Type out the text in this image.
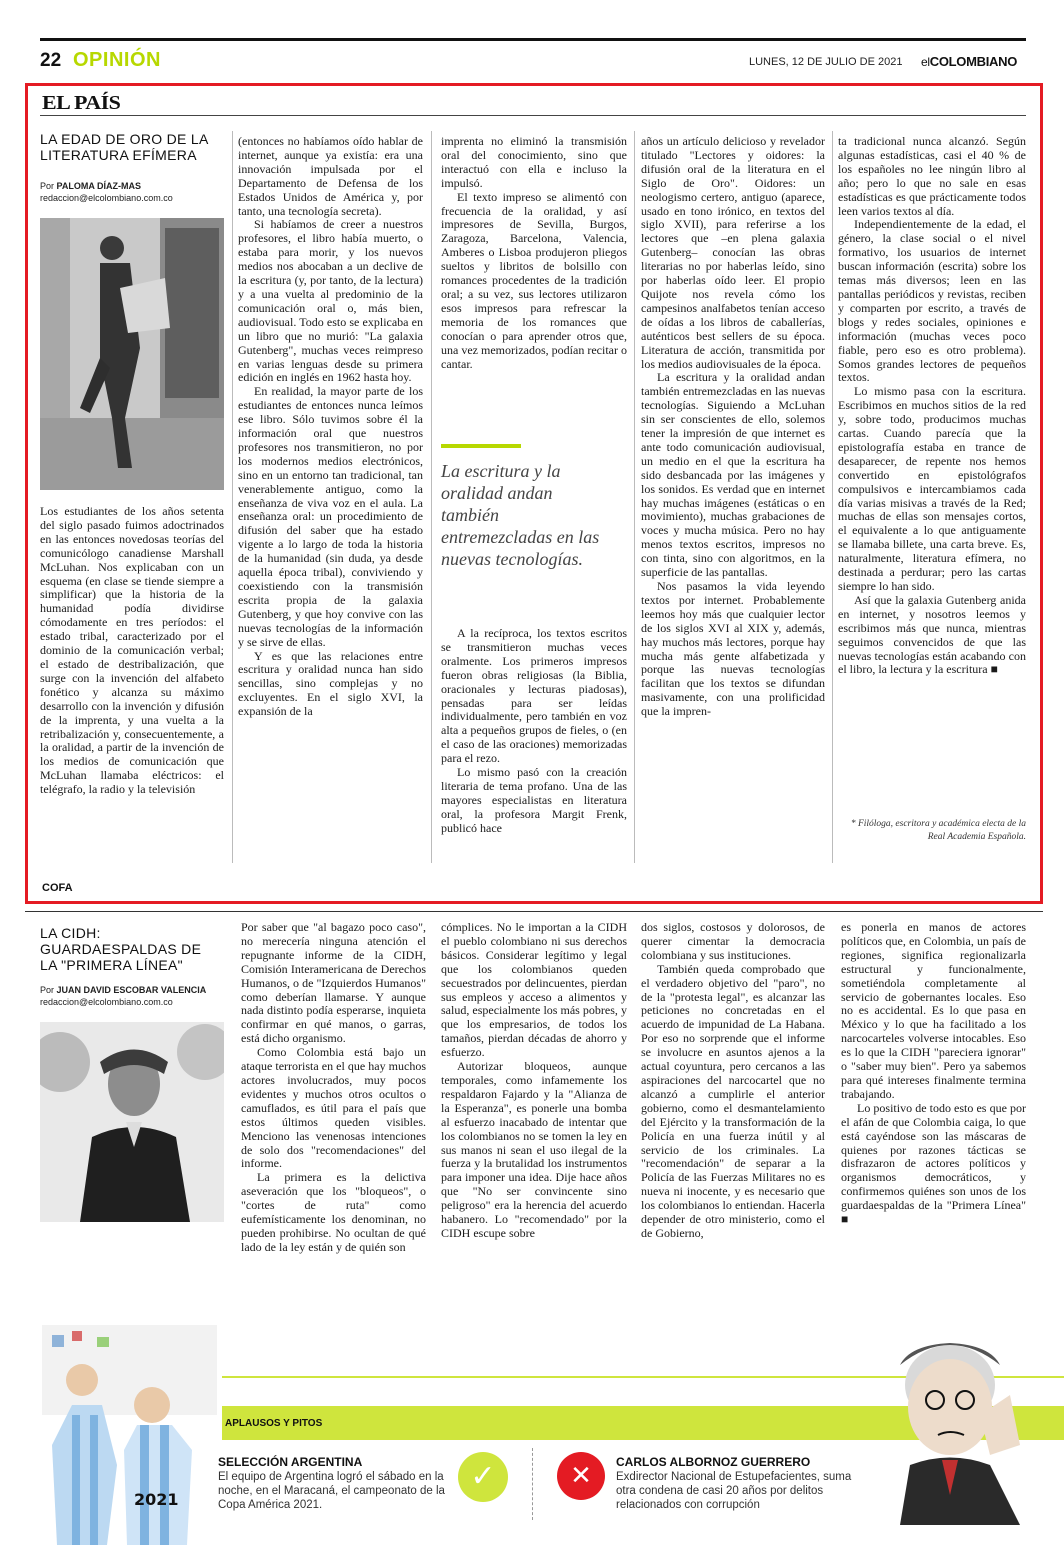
22 OPINIÓN	LUNES, 12 DE JULIO DE 2021 elCOLOMBIANO
EL PAÍS
LA EDAD DE ORO DE LA
LITERATURA EFÍMERA
Por PALOMA DÍAZ-MAS
redaccion@elcolombiano.com.co

Los estudiantes de los años setenta del siglo pasado fuimos adoctrinados en las entonces novedosas teorías del comunicólogo canadiense Marshall McLuhan. Nos explicaban con un esquema (en clase se tiende siempre a simplificar) que la historia de la humanidad podía dividirse cómodamente en tres períodos: el estado tribal, caracterizado por el dominio de la comunicación verbal; el estado de destribalización, que surge con la invención del alfabeto fonético y alcanza su máximo desarrollo con la invención y difusión de la imprenta, y una vuelta a la retribalización y, consecuentemente, a la oralidad, a partir de la invención de los medios de comunicación que McLuhan llamaba eléctricos: el telégrafo, la radio y la televisión

(entonces no habíamos oído hablar de internet, aunque ya existía: era una innovación impulsada por el Departamento de Defensa de los Estados Unidos de América y, por tanto, una tecnología secreta).

Si habíamos de creer a nuestros profesores, el libro había muerto, o estaba para morir, y los nuevos medios nos abocaban a un declive de la escritura (y, por tanto, de la lectura) y a una vuelta al predominio de la comunicación oral o, más bien, audiovisual. Todo esto se explicaba en un libro que no murió: "La galaxia Gutenberg", muchas veces reimpreso en varias lenguas desde su primera edición en inglés en 1962 hasta hoy.

En realidad, la mayor parte de los estudiantes de entonces nunca leímos ese libro. Sólo tuvimos sobre él la información oral que nuestros profesores nos transmitieron, no por los modernos medios electrónicos, sino en un entorno tan tradicional, tan venerablemente antiguo, como la enseñanza de viva voz en el aula. La enseñanza oral: un procedimiento de difusión del saber que ha estado vigente a lo largo de toda la historia de la humanidad (sin duda, ya desde aquella época tribal), conviviendo y coexistiendo con la transmisión escrita propia de la galaxia Gutenberg, y que hoy convive con las nuevas tecnologías de la información y se sirve de ellas.

Y es que las relaciones entre escritura y oralidad nunca han sido sencillas, sino complejas y no excluyentes. En el siglo XVI, la expansión de la

imprenta no eliminó la transmisión oral del conocimiento, sino que interactuó con ella e incluso la impulsó.

El texto impreso se alimentó con frecuencia de la oralidad, y así impresores de Sevilla, Burgos, Zaragoza, Barcelona, Valencia, Amberes o Lisboa produjeron pliegos sueltos y libritos de bolsillo con romances procedentes de la tradición oral; a su vez, sus lectores utilizaron esos impresos para refrescar la memoria de los romances que conocían o para aprender otros que, una vez memorizados, podían recitar o cantar.

La escritura y la oralidad andan también entremezcladas en las nuevas tecnologías.

A la recíproca, los textos escritos se transmitieron muchas veces oralmente. Los primeros impresos fueron obras religiosas (la Biblia, oracionales y lecturas piadosas), pensadas para ser leídas individualmente, pero también en voz alta a pequeños grupos de fieles, o (en el caso de las oraciones) memorizadas para el rezo.

Lo mismo pasó con la creación literaria de tema profano. Una de las mayores especialistas en literatura oral, la profesora Margit Frenk, publicó hace

años un artículo delicioso y revelador titulado "Lectores y oidores: la difusión oral de la literatura en el Siglo de Oro". Oidores: un neologismo certero, antiguo (aparece, usado en tono irónico, en textos del siglo XVII), para referirse a los lectores que –en plena galaxia Gutenberg– conocían las obras literarias no por haberlas leído, sino por haberlas oído leer. El propio Quijote nos revela cómo los campesinos analfabetos tenían acceso de oídas a los libros de caballerías, auténticos best sellers de su época. Literatura de acción, transmitida por los medios audiovisuales de la época.

La escritura y la oralidad andan también entremezcladas en las nuevas tecnologías. Siguiendo a McLuhan sin ser conscientes de ello, solemos tener la impresión de que internet es ante todo comunicación audiovisual, un medio en el que la escritura ha sido desbancada por las imágenes y los sonidos. Es verdad que en internet hay muchas imágenes (estáticas o en movimiento), muchas grabaciones de voces y mucha música. Pero no hay menos textos escritos, impresos no con tinta, sino con algoritmos, en la superficie de las pantallas.

Nos pasamos la vida leyendo textos por internet. Probablemente leemos hoy más que cualquier lector de los siglos XVI al XIX y, además, hay muchos más lectores, porque hay mucha más gente alfabetizada y porque las nuevas tecnologías facilitan que los textos se difundan masivamente, con una prolificidad que la impren-

ta tradicional nunca alcanzó. Según algunas estadísticas, casi el 40 % de los españoles no lee ningún libro al año; pero lo que no sale en esas estadísticas es que prácticamente todos leen varios textos al día.

Independientemente de la edad, el género, la clase social o el nivel formativo, los usuarios de internet buscan información (escrita) sobre los temas más diversos; leen en las pantallas periódicos y revistas, reciben y comparten por escrito, a través de blogs y redes sociales, opiniones e información (muchas veces poco fiable, pero eso es otro problema). Somos grandes lectores de pequeños textos.

Lo mismo pasa con la escritura. Escribimos en muchos sitios de la red y, sobre todo, producimos muchas cartas. Cuando parecía que la epistolografía estaba en trance de desaparecer, de repente nos hemos convertido en epistológrafos compulsivos e intercambiamos cada día varias misivas a través de la Red; muchas de ellas son mensajes cortos, el equivalente a lo que antiguamente se llamaba billete, una carta breve. Es, naturalmente, literatura efímera, no destinada a perdurar; pero las cartas siempre lo han sido.

Así que la galaxia Gutenberg anida en internet, y nosotros leemos y escribimos más que nunca, mientras seguimos convencidos de que las nuevas tecnologías están acabando con el libro, la lectura y la escritura ■

* Filóloga, escritora y académica electa de la Real Academia Española.
COFA
LA CIDH:
GUARDAESPALDAS DE
LA "PRIMERA LÍNEA"
Por JUAN DAVID ESCOBAR VALENCIA
redaccion@elcolombiano.com.co

Por saber que "al bagazo poco caso", no merecería ninguna atención el repugnante informe de la CIDH, Comisión Interamericana de Derechos Humanos, o de "Izquierdos Humanos" como deberían llamarse. Y aunque nada distinto podía esperarse, inquieta confirmar en qué manos, o garras, está dicho organismo.

Como Colombia está bajo un ataque terrorista en el que hay muchos actores involucrados, muy pocos evidentes y muchos otros ocultos o camuflados, es útil para el país que estos últimos queden visibles. Menciono las venenosas intenciones de solo dos "recomendaciones" del informe.

La primera es la delictiva aseveración que los "bloqueos", o "cortes de ruta" como eufemísticamente los denominan, no pueden prohibirse. No ocultan de qué lado de la ley están y de quién son

cómplices. No le importan a la CIDH el pueblo colombiano ni sus derechos básicos. Considerar legítimo y legal que los colombianos queden secuestrados por delincuentes, pierdan sus empleos y acceso a alimentos y salud, especialmente los más pobres, y que los empresarios, de todos los tamaños, pierdan décadas de ahorro y esfuerzo.

Autorizar bloqueos, aunque temporales, como infamemente los respaldaron Fajardo y la "Alianza de la Esperanza", es ponerle una bomba al esfuerzo inacabado de intentar que los colombianos no se tomen la ley en sus manos ni sean el uso ilegal de la fuerza y la brutalidad los instrumentos para imponer una idea. Dije hace años que "No ser convincente sino peligroso" era la herencia del acuerdo habanero. Lo "recomendado" por la CIDH escupe sobre

dos siglos, costosos y dolorosos, de querer cimentar la democracia colombiana y sus instituciones.

También queda comprobado que el verdadero objetivo del "paro", no de la "protesta legal", es alcanzar las peticiones no concretadas en el acuerdo de impunidad de La Habana. Por eso no sorprende que el informe se involucre en asuntos ajenos a la actual coyuntura, pero cercanos a las aspiraciones del narcocartel que no alcanzó a cumplirle el anterior gobierno, como el desmantelamiento del Ejército y la transformación de la Policía en una fuerza inútil y al servicio de los criminales. La "recomendación" de separar a la Policía de las Fuerzas Militares no es nueva ni inocente, y es necesario que los colombianos lo entiendan. Hacerla depender de otro ministerio, como el de Gobierno,

es ponerla en manos de actores políticos que, en Colombia, un país de regiones, significa regionalizarla estructural y funcionalmente, sometiéndola completamente al servicio de gobernantes locales. Eso no es accidental. Es lo que pasa en México y lo que ha facilitado a los narcocarteles volverse intocables. Eso es lo que la CIDH "pareciera ignorar" o "saber muy bien". Pero ya sabemos para qué intereses finalmente termina trabajando.

Lo positivo de todo esto es que por el afán de que Colombia caiga, lo que está cayéndose son las máscaras de quienes por razones tácticas se disfrazaron de actores políticos y organismos democráticos, y confirmemos quiénes son unos de los guardaespaldas de la "Primera Línea" ■

APLAUSOS Y PITOS
2021
SELECCIÓN ARGENTINA
El equipo de Argentina logró el sábado en la noche, en el Maracaná, el campeonato de la Copa América 2021.
✓	✕	CARLOS ALBORNOZ GUERRERO
Exdirector Nacional de Estupefacientes, suma otra condena de casi 20 años por delitos relacionados con corrupción
